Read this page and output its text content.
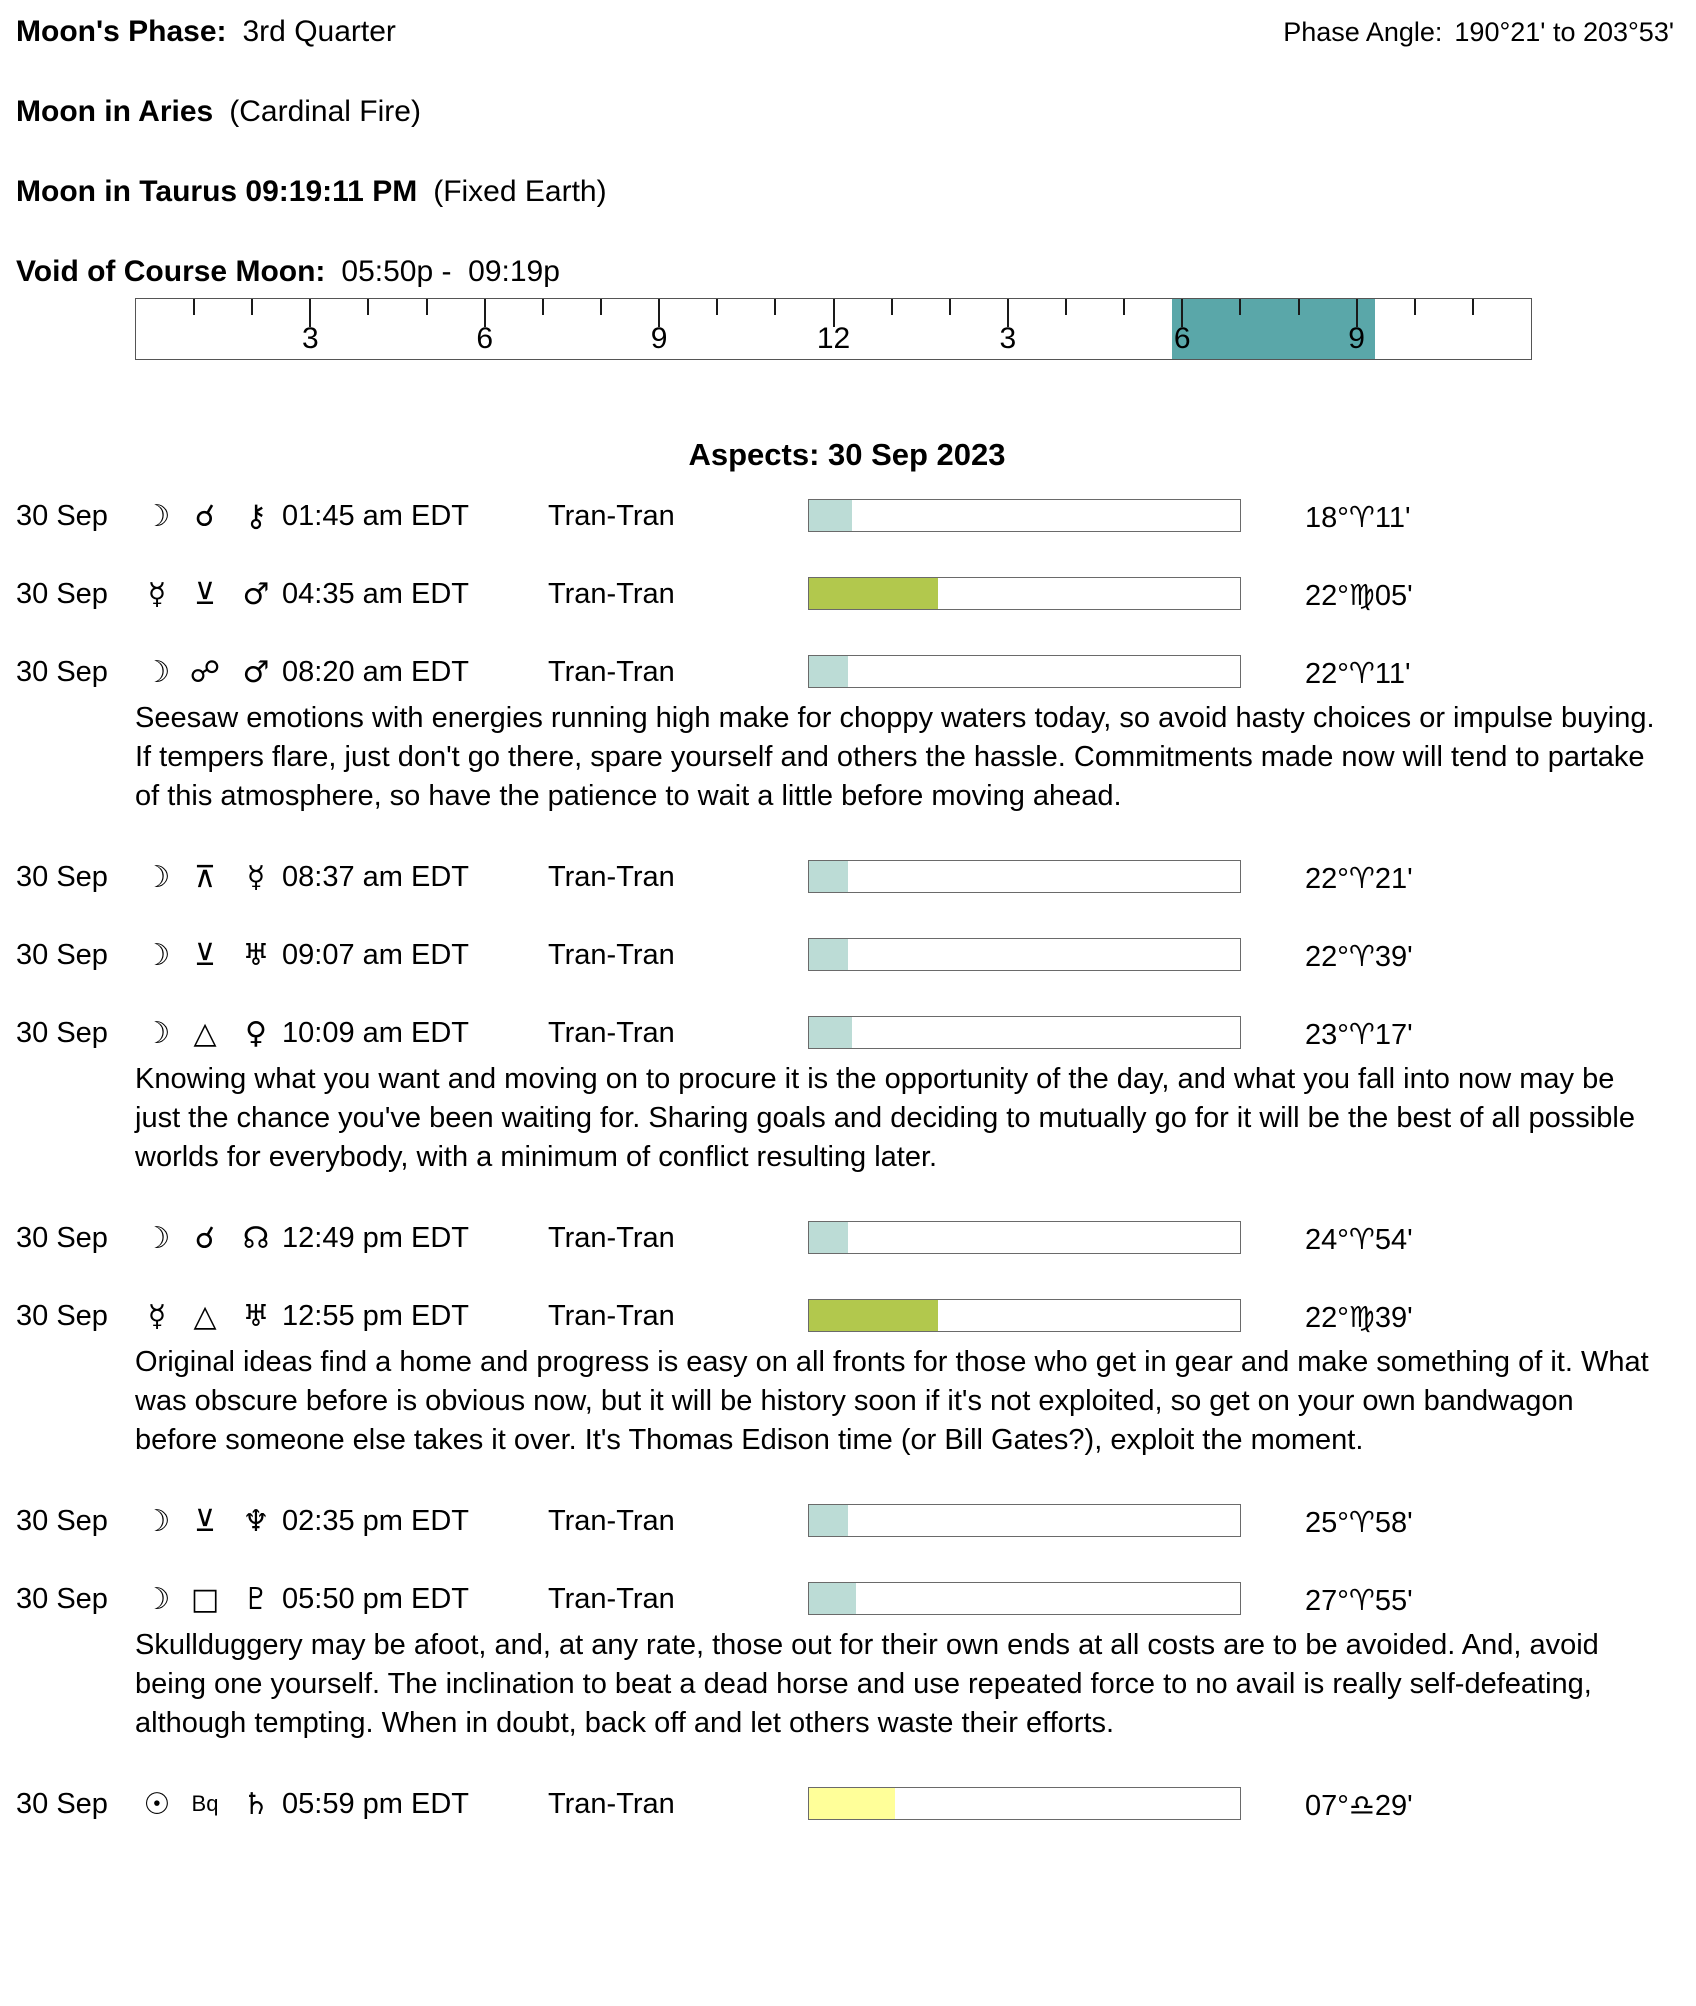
Moon's Phase: 3rd Quarter	Phase Angle: 190°21' to 203°53'
Moon in Aries (Cardinal Fire)
Moon in Taurus 09:19:11 PM (Fixed Earth)
Void of Course Moon: 05:50p -  09:19p
3	6	9	12	3	6	9
Aspects: 30 Sep 2023
30 Sep	☽ ☌ ⚷ 01:45 am EDT	Tran-Tran	18°♈11'
30 Sep	☿ ⊻ ♂ 04:35 am EDT	Tran-Tran	22°♍05'
30 Sep	☽ ☍ ♂ 08:20 am EDT	Tran-Tran	22°♈11'

Seesaw emotions with energies running high make for choppy waters today, so avoid hasty choices or impulse buying. If tempers flare, just don't go there, spare yourself and others the hassle. Commitments made now will tend to partake of this atmosphere, so have the patience to wait a little before moving ahead.

30 Sep	☽ ⊼	☿ 08:37 am EDT	Tran-Tran	22°♈21'
30 Sep	☽ ⊻ ♅ 09:07 am EDT	Tran-Tran	22°♈39'
30 Sep	☽ △ ♀ 10:09 am EDT	Tran-Tran	23°♈17'

Knowing what you want and moving on to procure it is the opportunity of the day, and what you fall into now may be just the chance you've been waiting for. Sharing goals and deciding to mutually go for it will be the best of all possible worlds for everybody, with a minimum of conflict resulting later.

30 Sep	☽ ☌ ☊ 12:49 pm EDT	Tran-Tran	24°♈54'
30 Sep	☿ △ ♅ 12:55 pm EDT	Tran-Tran	22°♍39'

Original ideas find a home and progress is easy on all fronts for those who get in gear and make something of it. What was obscure before is obvious now, but it will be history soon if it's not exploited, so get on your own bandwagon before someone else takes it over. It's Thomas Edison time (or Bill Gates?), exploit the moment.

30 Sep	☽ ⊻ ♆ 02:35 pm EDT	Tran-Tran	25°♈58'
30 Sep	☽ □ ♇ 05:50 pm EDT	Tran-Tran	27°♈55'

Skullduggery may be afoot, and, at any rate, those out for their own ends at all costs are to be avoided. And, avoid being one yourself. The inclination to beat a dead horse and use repeated force to no avail is really self-defeating, although tempting. When in doubt, back off and let others waste their efforts.

30 Sep	☉ Bq ♄ 05:59 pm EDT	Tran-Tran	07°♎29'
